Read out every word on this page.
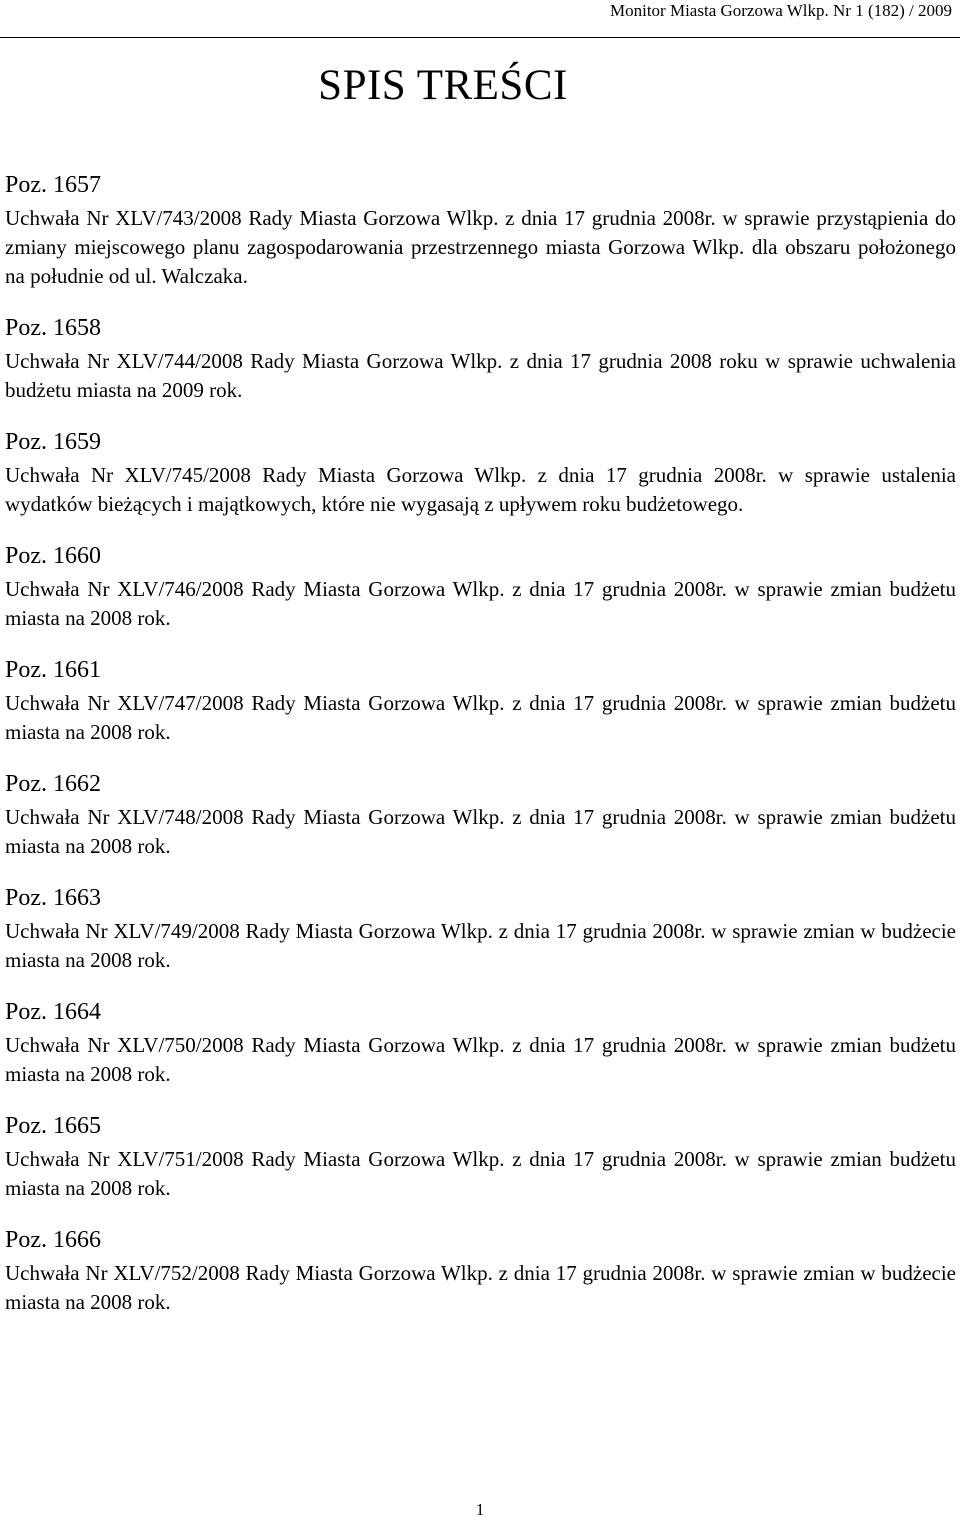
Monitor Miasta Gorzowa Wlkp. Nr 1 (182) / 2009
SPIS TREŚCI
Poz. 1657
Uchwała Nr XLV/743/2008 Rady Miasta Gorzowa Wlkp. z dnia 17 grudnia 2008r. w sprawie przystąpienia do zmiany miejscowego planu zagospodarowania przestrzennego miasta Gorzowa Wlkp. dla obszaru położonego na południe od ul. Walczaka.
Poz. 1658
Uchwała Nr XLV/744/2008 Rady Miasta Gorzowa Wlkp. z dnia 17 grudnia 2008 roku w sprawie uchwalenia budżetu miasta na 2009 rok.
Poz. 1659
Uchwała Nr XLV/745/2008 Rady Miasta Gorzowa Wlkp. z dnia 17 grudnia 2008r. w sprawie ustalenia wydatków bieżących i majątkowych, które nie wygasają z upływem roku budżetowego.
Poz. 1660
Uchwała Nr XLV/746/2008 Rady Miasta Gorzowa Wlkp. z dnia 17 grudnia 2008r. w sprawie zmian budżetu miasta na 2008 rok.
Poz. 1661
Uchwała Nr XLV/747/2008 Rady Miasta Gorzowa Wlkp. z dnia 17 grudnia 2008r. w sprawie zmian budżetu miasta na 2008 rok.
Poz. 1662
Uchwała Nr XLV/748/2008 Rady Miasta Gorzowa Wlkp. z dnia 17 grudnia 2008r. w sprawie zmian budżetu miasta na 2008 rok.
Poz. 1663
Uchwała Nr XLV/749/2008 Rady Miasta Gorzowa Wlkp. z dnia 17 grudnia 2008r. w sprawie zmian w budżecie miasta na 2008 rok.
Poz. 1664
Uchwała Nr XLV/750/2008 Rady Miasta Gorzowa Wlkp. z dnia 17 grudnia 2008r. w sprawie zmian budżetu miasta na 2008 rok.
Poz. 1665
Uchwała Nr XLV/751/2008 Rady Miasta Gorzowa Wlkp. z dnia 17 grudnia 2008r. w sprawie zmian budżetu miasta na 2008 rok.
Poz. 1666
Uchwała Nr XLV/752/2008 Rady Miasta Gorzowa Wlkp. z dnia 17 grudnia 2008r. w sprawie zmian w budżecie miasta na 2008 rok.
1
